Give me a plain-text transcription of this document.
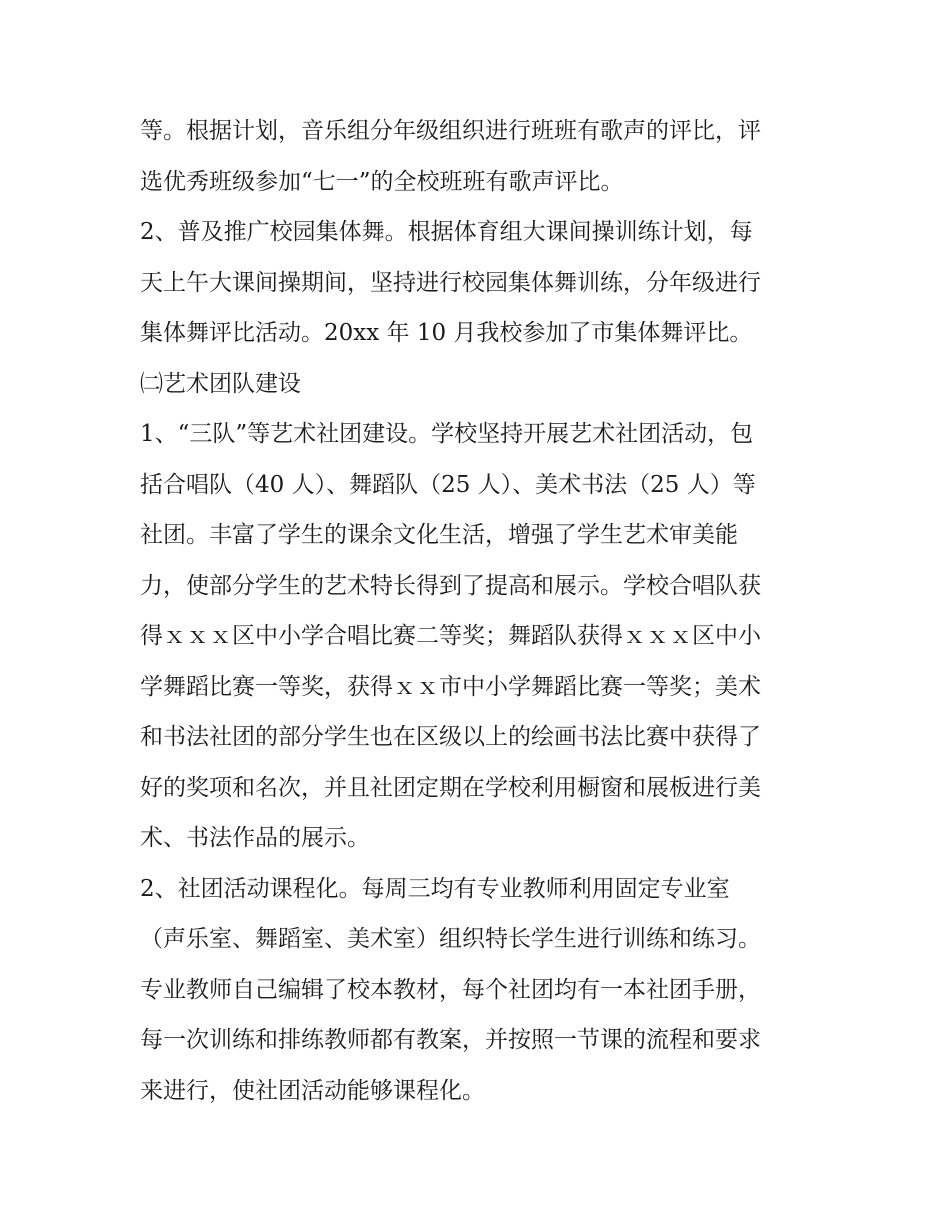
等。根据计划，音乐组分年级组织进行班班有歌声的评比，评
选优秀班级参加“七一”的全校班班有歌声评比。
2、普及推广校园集体舞。根据体育组大课间操训练计划，每
天上午大课间操期间，坚持进行校园集体舞训练，分年级进行
集体舞评比活动。20xx 年 10 月我校参加了市集体舞评比。
㈡艺术团队建设
1、“三队”等艺术社团建设。学校坚持开展艺术社团活动，包
括合唱队（40 人）、舞蹈队（25 人）、美术书法（25 人）等
社团。丰富了学生的课余文化生活，增强了学生艺术审美能
力，使部分学生的艺术特长得到了提高和展示。学校合唱队获
得ｘｘｘ区中小学合唱比赛二等奖；舞蹈队获得ｘｘｘ区中小
学舞蹈比赛一等奖，获得ｘｘ市中小学舞蹈比赛一等奖；美术
和书法社团的部分学生也在区级以上的绘画书法比赛中获得了
好的奖项和名次，并且社团定期在学校利用橱窗和展板进行美
术、书法作品的展示。
2、社团活动课程化。每周三均有专业教师利用固定专业室
（声乐室、舞蹈室、美术室）组织特长学生进行训练和练习。
专业教师自己编辑了校本教材，每个社团均有一本社团手册，
每一次训练和排练教师都有教案，并按照一节课的流程和要求
来进行，使社团活动能够课程化。
